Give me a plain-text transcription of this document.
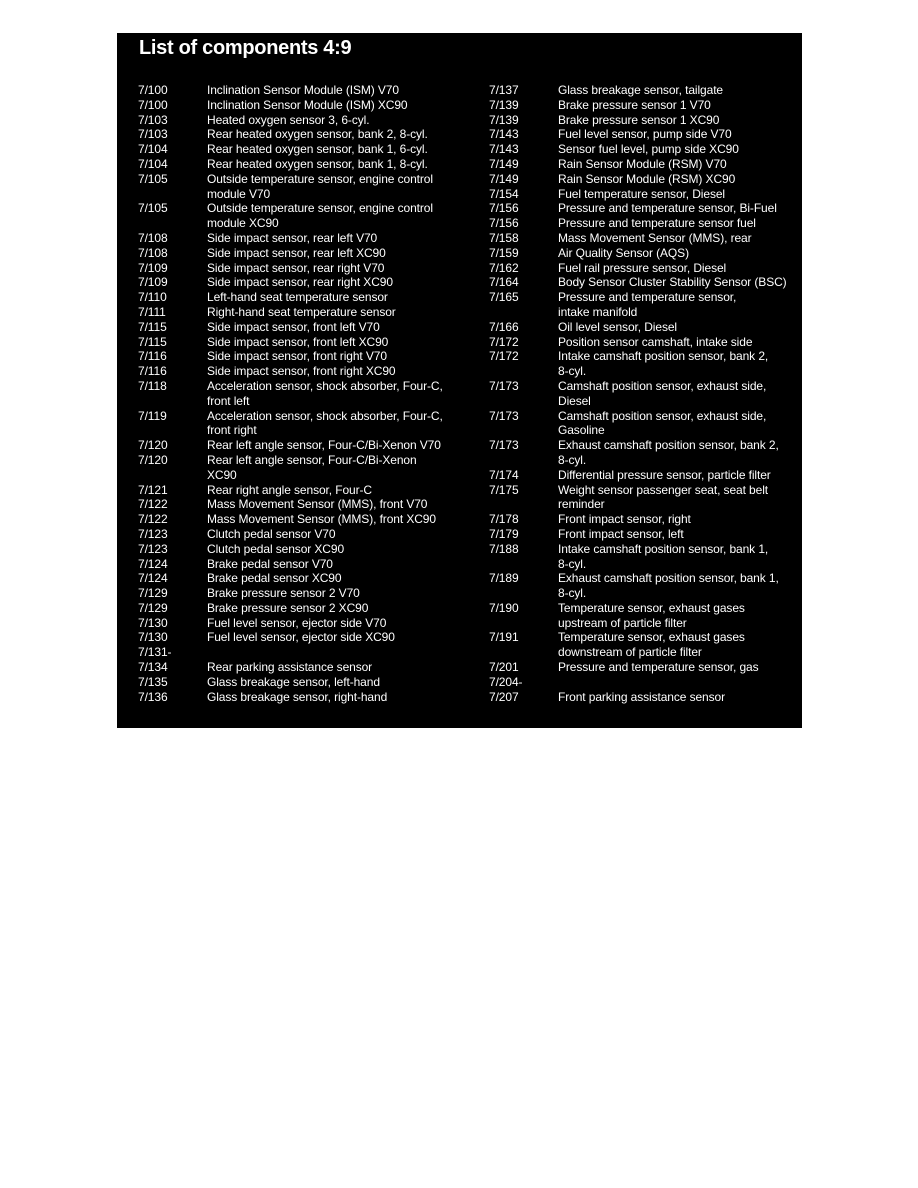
List of components 4:9
7/100	Inclination Sensor Module (ISM) V70
7/100	Inclination Sensor Module (ISM) XC90
7/103	Heated oxygen sensor 3, 6-cyl.
7/103	Rear heated oxygen sensor, bank 2, 8-cyl.
7/104	Rear heated oxygen sensor, bank 1, 6-cyl.
7/104	Rear heated oxygen sensor, bank 1, 8-cyl.
7/105	Outside temperature sensor, engine control
module V70
7/105	Outside temperature sensor, engine control
module XC90
7/108	Side impact sensor, rear left V70
7/108	Side impact sensor, rear left XC90
7/109	Side impact sensor, rear right V70
7/109	Side impact sensor, rear right XC90
7/110	Left-hand seat temperature sensor
7/111	Right-hand seat temperature sensor
7/115	Side impact sensor, front left V70
7/115	Side impact sensor, front left XC90
7/116	Side impact sensor, front right V70
7/116	Side impact sensor, front right XC90
7/118	Acceleration sensor, shock absorber, Four-C,
front left
7/119	Acceleration sensor, shock absorber, Four-C,
front right
7/120	Rear left angle sensor, Four-C/Bi-Xenon V70
7/120	Rear left angle sensor, Four-C/Bi-Xenon
XC90
7/121	Rear right angle sensor, Four-C
7/122	Mass Movement Sensor (MMS), front V70
7/122	Mass Movement Sensor (MMS), front XC90
7/123	Clutch pedal sensor V70
7/123	Clutch pedal sensor XC90
7/124	Brake pedal sensor V70
7/124	Brake pedal sensor XC90
7/129	Brake pressure sensor 2 V70
7/129	Brake pressure sensor 2 XC90
7/130	Fuel level sensor, ejector side V70
7/130	Fuel level sensor, ejector side XC90
7/131-
7/134	Rear parking assistance sensor
7/135	Glass breakage sensor, left-hand
7/136	Glass breakage sensor, right-hand
7/137	Glass breakage sensor, tailgate
7/139	Brake pressure sensor 1 V70
7/139	Brake pressure sensor 1 XC90
7/143	Fuel level sensor, pump side V70
7/143	Sensor fuel level, pump side XC90
7/149	Rain Sensor Module (RSM) V70
7/149	Rain Sensor Module (RSM) XC90
7/154	Fuel temperature sensor, Diesel
7/156	Pressure and temperature sensor, Bi-Fuel
7/156	Pressure and temperature sensor fuel
7/158	Mass Movement Sensor (MMS), rear
7/159	Air Quality Sensor (AQS)
7/162	Fuel rail pressure sensor, Diesel
7/164	Body Sensor Cluster Stability Sensor (BSC)
7/165	Pressure and temperature sensor,
intake manifold
7/166	Oil level sensor, Diesel
7/172	Position sensor camshaft, intake side
7/172	Intake camshaft position sensor, bank 2,
8-cyl.
7/173	Camshaft position sensor, exhaust side,
Diesel
7/173	Camshaft position sensor, exhaust side,
Gasoline
7/173	Exhaust camshaft position sensor, bank 2,
8-cyl.
7/174	Differential pressure sensor, particle filter
7/175	Weight sensor passenger seat, seat belt
reminder
7/178	Front impact sensor, right
7/179	Front impact sensor, left
7/188	Intake camshaft position sensor, bank 1,
8-cyl.
7/189	Exhaust camshaft position sensor, bank 1,
8-cyl.
7/190	Temperature sensor, exhaust gases
upstream of particle filter
7/191	Temperature sensor, exhaust gases
downstream of particle filter
7/201	Pressure and temperature sensor, gas
7/204-
7/207	Front parking assistance sensor
